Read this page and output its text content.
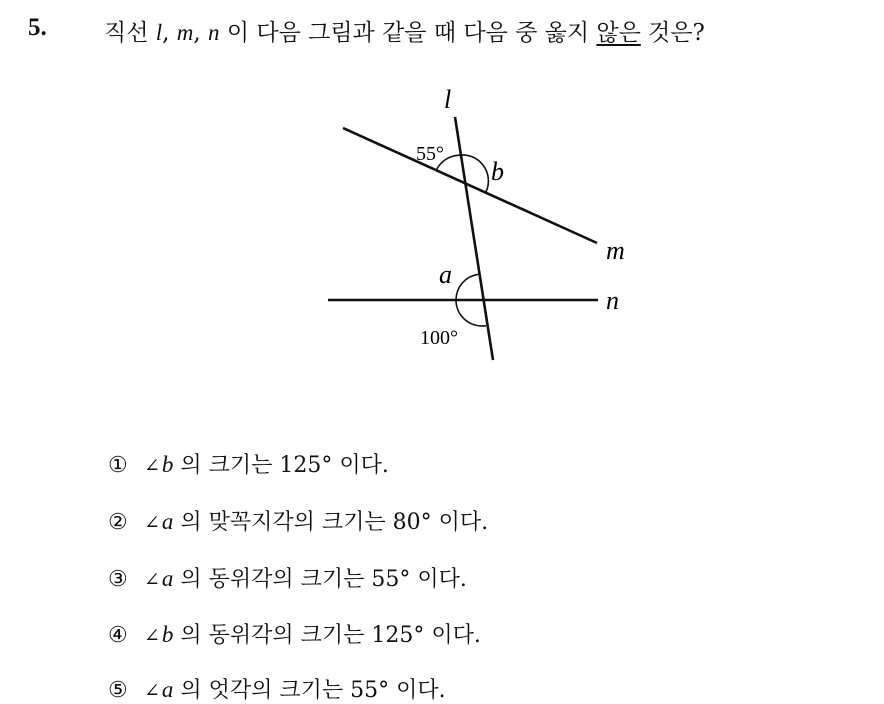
5. 직선 l, m, n 이 다음 그림과 같을 때 다음 중 옳지 않은 것은?
l
m
n
55°
b
a
100°
① ∠b 의 크기는 125° 이다.
② ∠a 의 맞꼭지각의 크기는 80° 이다.
③ ∠a 의 동위각의 크기는 55° 이다.
④ ∠b 의 동위각의 크기는 125° 이다.
⑤ ∠a 의 엇각의 크기는 55° 이다.
